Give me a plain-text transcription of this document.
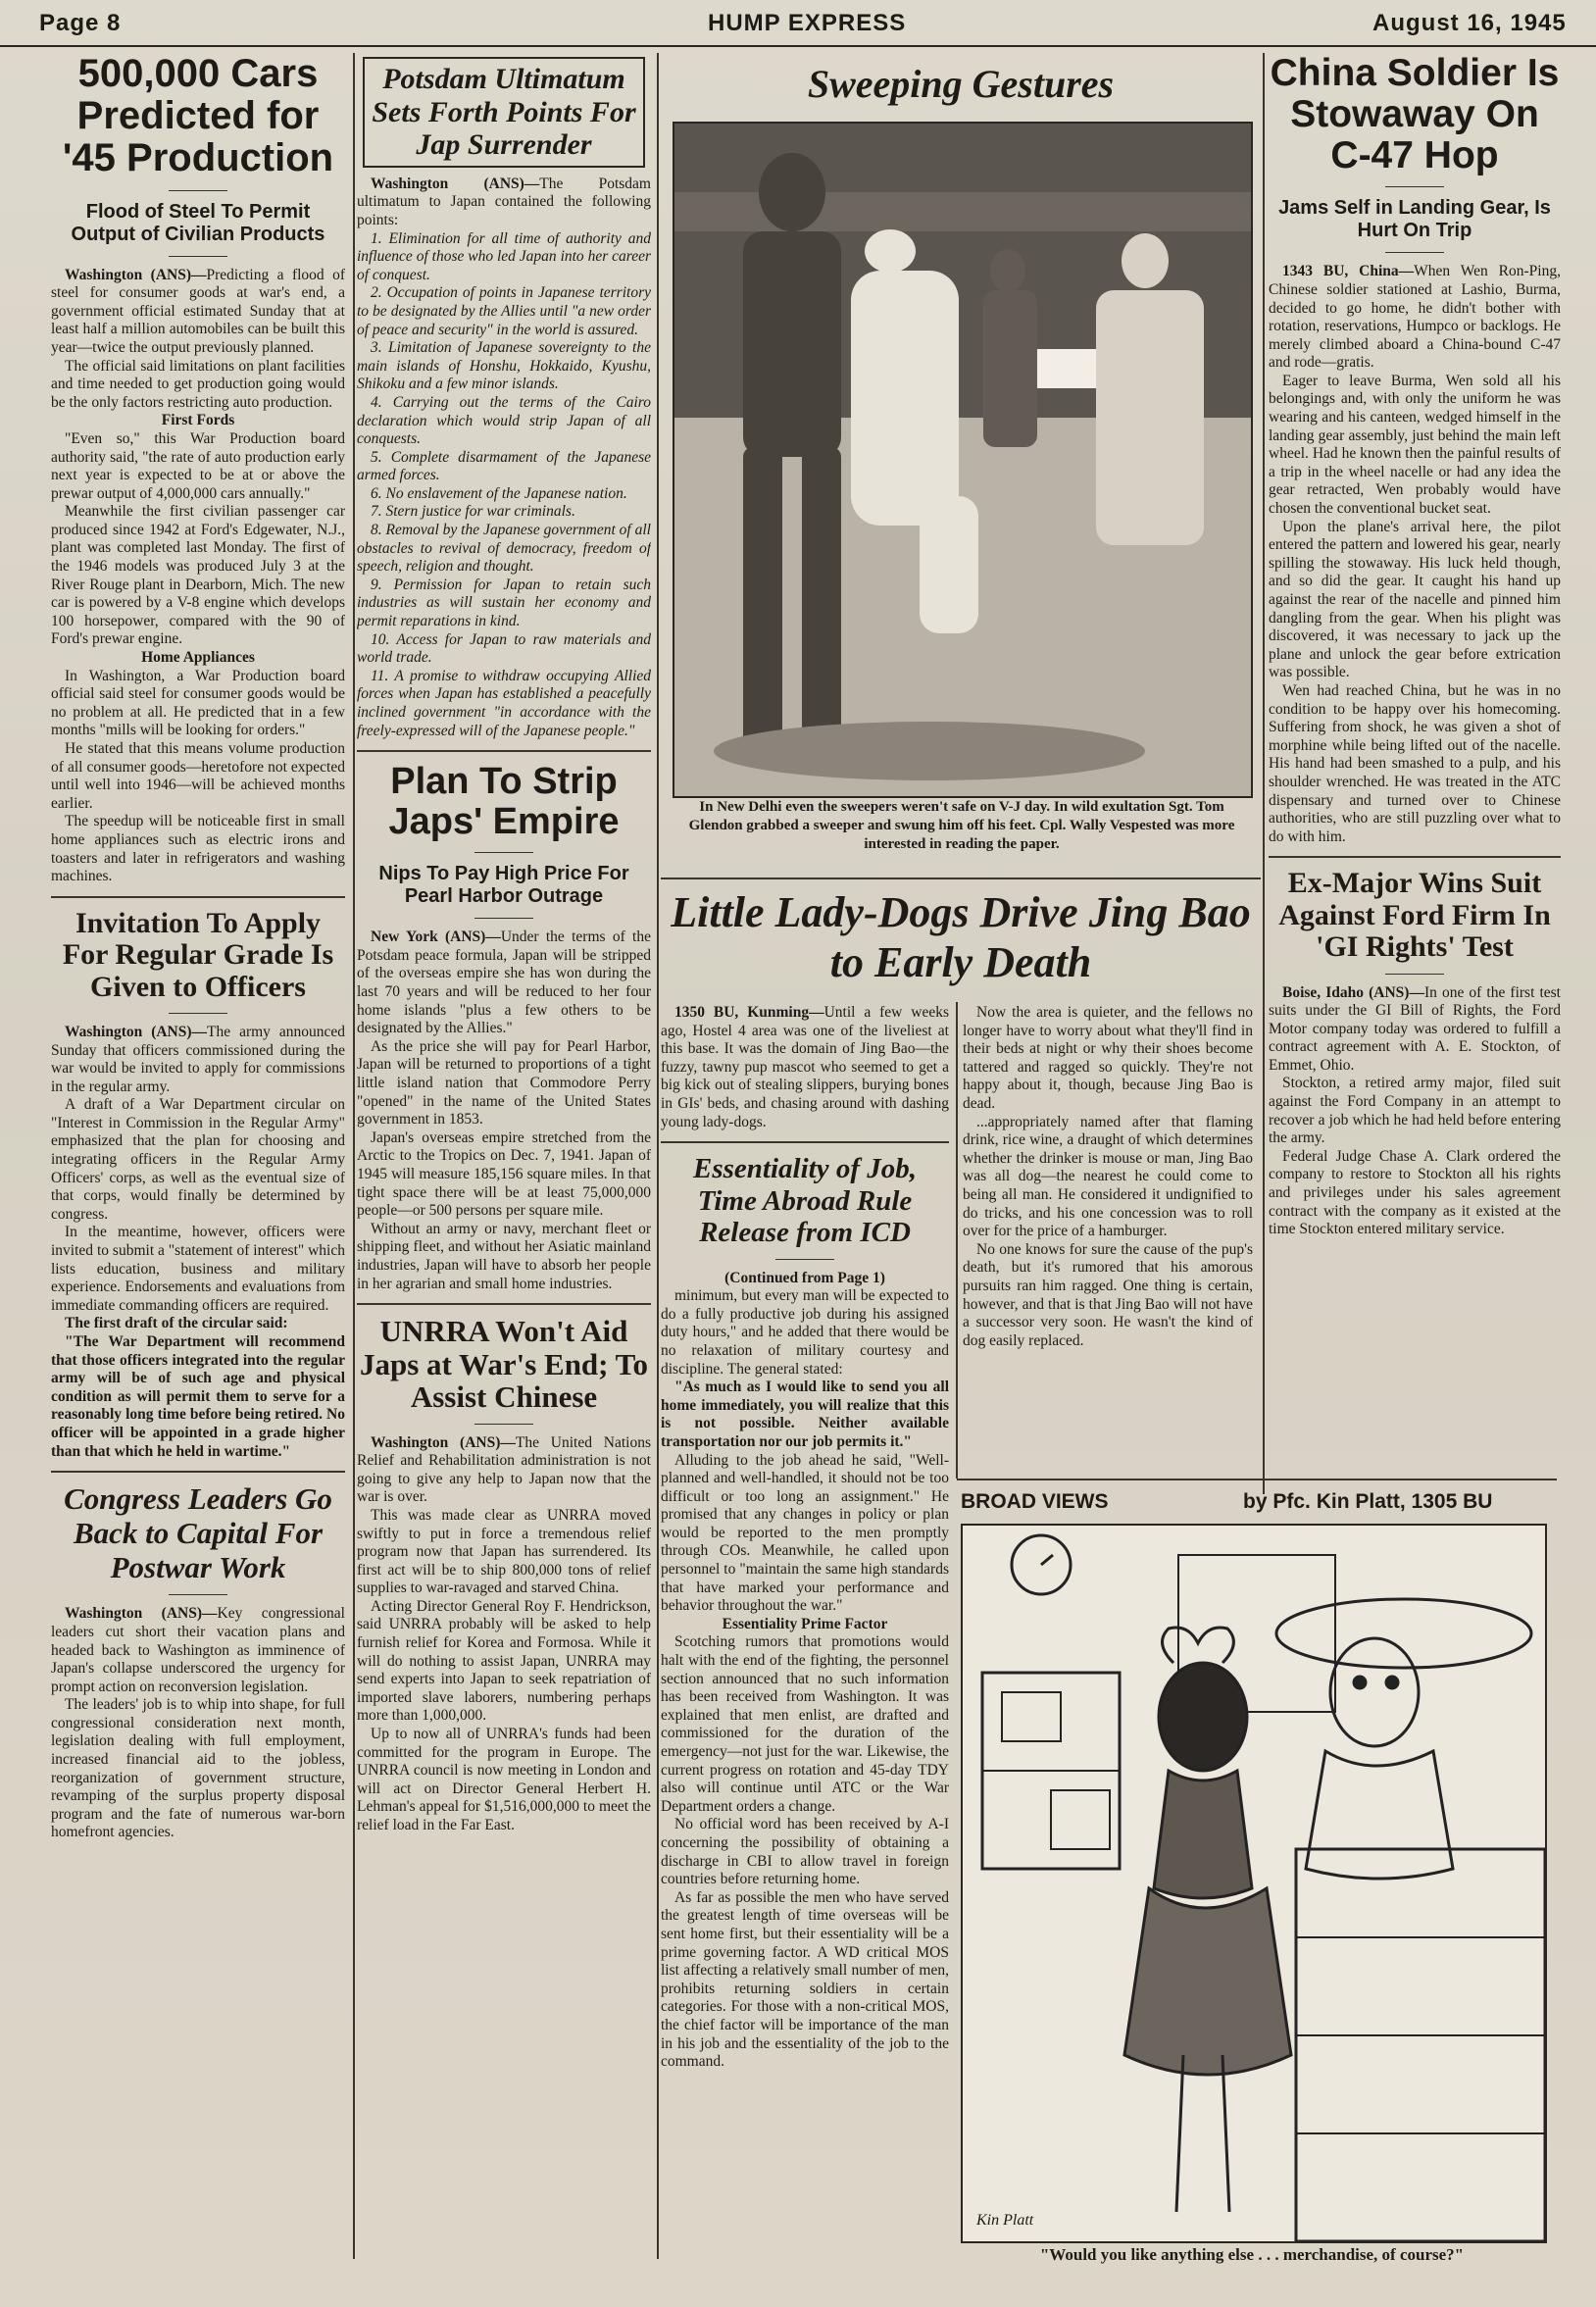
Page 8	HUMP EXPRESS	August 16, 1945
500,000 Cars Predicted for '45 Production
Flood of Steel To Permit Output of Civilian Products

Washington (ANS)—Predicting a flood of steel for consumer goods at war's end, a government official estimated Sunday that at least half a million automobiles can be built this year—twice the output previously planned.

The official said limitations on plant facilities and time needed to get production going would be the only factors restricting auto production.

First Fords

"Even so," this War Production board authority said, "the rate of auto production early next year is expected to be at or above the prewar output of 4,000,000 cars annually."

Meanwhile the first civilian passenger car produced since 1942 at Ford's Edgewater, N.J., plant was completed last Monday. The first of the 1946 models was produced July 3 at the River Rouge plant in Dearborn, Mich. The new car is powered by a V-8 engine which develops 100 horsepower, compared with the 90 of Ford's prewar engine.

Home Appliances

In Washington, a War Production board official said steel for consumer goods would be no problem at all. He predicted that in a few months "mills will be looking for orders."

He stated that this means volume production of all consumer goods—heretofore not expected until well into 1946—will be achieved months earlier.

The speedup will be noticeable first in small home appliances such as electric irons and toasters and later in refrigerators and washing machines.

Invitation To Apply For Regular Grade Is Given to Officers

Washington (ANS)—The army announced Sunday that officers commissioned during the war would be invited to apply for commissions in the regular army.

A draft of a War Department circular on "Interest in Commission in the Regular Army" emphasized that the plan for choosing and integrating officers in the Regular Army Officers' corps, as well as the eventual size of that corps, would finally be determined by congress.

In the meantime, however, officers were invited to submit a "statement of interest" which lists education, business and military experience. Endorsements and evaluations from immediate commanding officers are required.

The first draft of the circular said:

"The War Department will recommend that those officers integrated into the regular army will be of such age and physical condition as will permit them to serve for a reasonably long time before being retired. No officer will be appointed in a grade higher than that which he held in wartime."

Congress Leaders Go Back to Capital For Postwar Work

Washington (ANS)—Key congressional leaders cut short their vacation plans and headed back to Washington as imminence of Japan's collapse underscored the urgency for prompt action on reconversion legislation.

The leaders' job is to whip into shape, for full congressional consideration next month, legislation dealing with full employment, increased financial aid to the jobless, reorganization of government structure, revamping of the surplus property disposal program and the fate of numerous war-born homefront agencies.

Potsdam Ultimatum Sets Forth Points For Jap Surrender

Washington (ANS)—The Potsdam ultimatum to Japan contained the following points:

1. Elimination for all time of authority and influence of those who led Japan into her career of conquest.

2. Occupation of points in Japanese territory to be designated by the Allies until "a new order of peace and security" in the world is assured.

3. Limitation of Japanese sovereignty to the main islands of Honshu, Hokkaido, Kyushu, Shikoku and a few minor islands.

4. Carrying out the terms of the Cairo declaration which would strip Japan of all conquests.

5. Complete disarmament of the Japanese armed forces.

6. No enslavement of the Japanese nation.

7. Stern justice for war criminals.

8. Removal by the Japanese government of all obstacles to revival of democracy, freedom of speech, religion and thought.

9. Permission for Japan to retain such industries as will sustain her economy and permit reparations in kind.

10. Access for Japan to raw materials and world trade.

11. A promise to withdraw occupying Allied forces when Japan has established a peacefully inclined government "in accordance with the freely-expressed will of the Japanese people."

Plan To Strip Japs' Empire
Nips To Pay High Price For Pearl Harbor Outrage

New York (ANS)—Under the terms of the Potsdam peace formula, Japan will be stripped of the overseas empire she has won during the last 70 years and will be reduced to her four home islands "plus a few others to be designated by the Allies."

As the price she will pay for Pearl Harbor, Japan will be returned to proportions of a tight little island nation that Commodore Perry "opened" in the name of the United States government in 1853.

Japan's overseas empire stretched from the Arctic to the Tropics on Dec. 7, 1941. Japan of 1945 will measure 185,156 square miles. In that tight space there will be at least 75,000,000 people—or 500 persons per square mile.

Without an army or navy, merchant fleet or shipping fleet, and without her Asiatic mainland industries, Japan will have to absorb her people in her agrarian and small home industries.

UNRRA Won't Aid Japs at War's End; To Assist Chinese

Washington (ANS)—The United Nations Relief and Rehabilitation administration is not going to give any help to Japan now that the war is over.

This was made clear as UNRRA moved swiftly to put in force a tremendous relief program now that Japan has surrendered. Its first act will be to ship 800,000 tons of relief supplies to war-ravaged and starved China.

Acting Director General Roy F. Hendrickson, said UNRRA probably will be asked to help furnish relief for Korea and Formosa. While it will do nothing to assist Japan, UNRRA may send experts into Japan to seek repatriation of imported slave laborers, numbering perhaps more than 1,000,000.

Up to now all of UNRRA's funds had been committed for the program in Europe. The UNRRA council is now meeting in London and will act on Director General Herbert H. Lehman's appeal for $1,516,000,000 to meet the relief load in the Far East.

Sweeping Gestures
In New Delhi even the sweepers weren't safe on V-J day. In wild exultation Sgt. Tom Glendon grabbed a sweeper and swung him off his feet. Cpl. Wally Vespested was more interested in reading the paper.
Little Lady-Dogs Drive Jing Bao to Early Death

1350 BU, Kunming—Until a few weeks ago, Hostel 4 area was one of the liveliest at this base. It was the domain of Jing Bao—the fuzzy, tawny pup mascot who seemed to get a big kick out of stealing slippers, burying bones in GIs' beds, and chasing around with dashing young lady-dogs.

Essentiality of Job, Time Abroad Rule Release from ICD

(Continued from Page 1)

minimum, but every man will be expected to do a fully productive job during his assigned duty hours," and he added that there would be no relaxation of military courtesy and discipline. The general stated:

"As much as I would like to send you all home immediately, you will realize that this is not possible. Neither available transportation nor our job permits it."

Alluding to the job ahead he said, "Well-planned and well-handled, it should not be too difficult or too long an assignment." He promised that any changes in policy or plan would be reported to the men promptly through COs. Meanwhile, he called upon personnel to "maintain the same high standards that have marked your performance and behavior throughout the war."

Essentiality Prime Factor

Scotching rumors that promotions would halt with the end of the fighting, the personnel section announced that no such information has been received from Washington. It was explained that men enlist, are drafted and commissioned for the duration of the emergency—not just for the war. Likewise, the current progress on rotation and 45-day TDY also will continue until ATC or the War Department orders a change.

No official word has been received by A-I concerning the possibility of obtaining a discharge in CBI to allow travel in foreign countries before returning home.

As far as possible the men who have served the greatest length of time overseas will be sent home first, but their essentiality will be a prime governing factor. A WD critical MOS list affecting a relatively small number of men, prohibits returning soldiers in certain categories. For those with a non-critical MOS, the chief factor will be importance of the man in his job and the essentiality of the job to the command.

Now the area is quieter, and the fellows no longer have to worry about what they'll find in their beds at night or why their shoes become tattered and ragged so quickly. They're not happy about it, though, because Jing Bao is dead.

...appropriately named after that flaming drink, rice wine, a draught of which determines whether the drinker is mouse or man, Jing Bao was all dog—the nearest he could come to being all man. He considered it undignified to do tricks, and his one concession was to roll over for the price of a hamburger.

No one knows for sure the cause of the pup's death, but it's rumored that his amorous pursuits ran him ragged. One thing is certain, however, and that is that Jing Bao will not have a successor very soon. He wasn't the kind of dog easily replaced.

China Soldier Is Stowaway On C-47 Hop
Jams Self in Landing Gear, Is Hurt On Trip

1343 BU, China—When Wen Ron-Ping, Chinese soldier stationed at Lashio, Burma, decided to go home, he didn't bother with rotation, reservations, Humpco or backlogs. He merely climbed aboard a China-bound C-47 and rode—gratis.

Eager to leave Burma, Wen sold all his belongings and, with only the uniform he was wearing and his canteen, wedged himself in the landing gear assembly, just behind the main left wheel. Had he known then the painful results of a trip in the wheel nacelle or had any idea the gear retracted, Wen probably would have chosen the conventional bucket seat.

Upon the plane's arrival here, the pilot entered the pattern and lowered his gear, nearly spilling the stowaway. His luck held though, and so did the gear. It caught his hand up against the rear of the nacelle and pinned him dangling from the gear. When his plight was discovered, it was necessary to jack up the plane and unlock the gear before extrication was possible.

Wen had reached China, but he was in no condition to be happy over his homecoming. Suffering from shock, he was given a shot of morphine while being lifted out of the nacelle. His hand had been smashed to a pulp, and his shoulder wrenched. He was treated in the ATC dispensary and turned over to Chinese authorities, who are still puzzling over what to do with him.

Ex-Major Wins Suit Against Ford Firm In 'GI Rights' Test

Boise, Idaho (ANS)—In one of the first test suits under the GI Bill of Rights, the Ford Motor company today was ordered to fulfill a contract agreement with A. E. Stockton, of Emmet, Ohio.

Stockton, a retired army major, filed suit against the Ford Company in an attempt to recover a job which he had held before entering the army.

Federal Judge Chase A. Clark ordered the company to restore to Stockton all his rights and privileges under his sales agreement contract with the company as it existed at the time Stockton entered military service.

BROAD VIEWS	by Pfc. Kin Platt, 1305 BU
Kin Platt
"Would you like anything else . . . merchandise, of course?"
